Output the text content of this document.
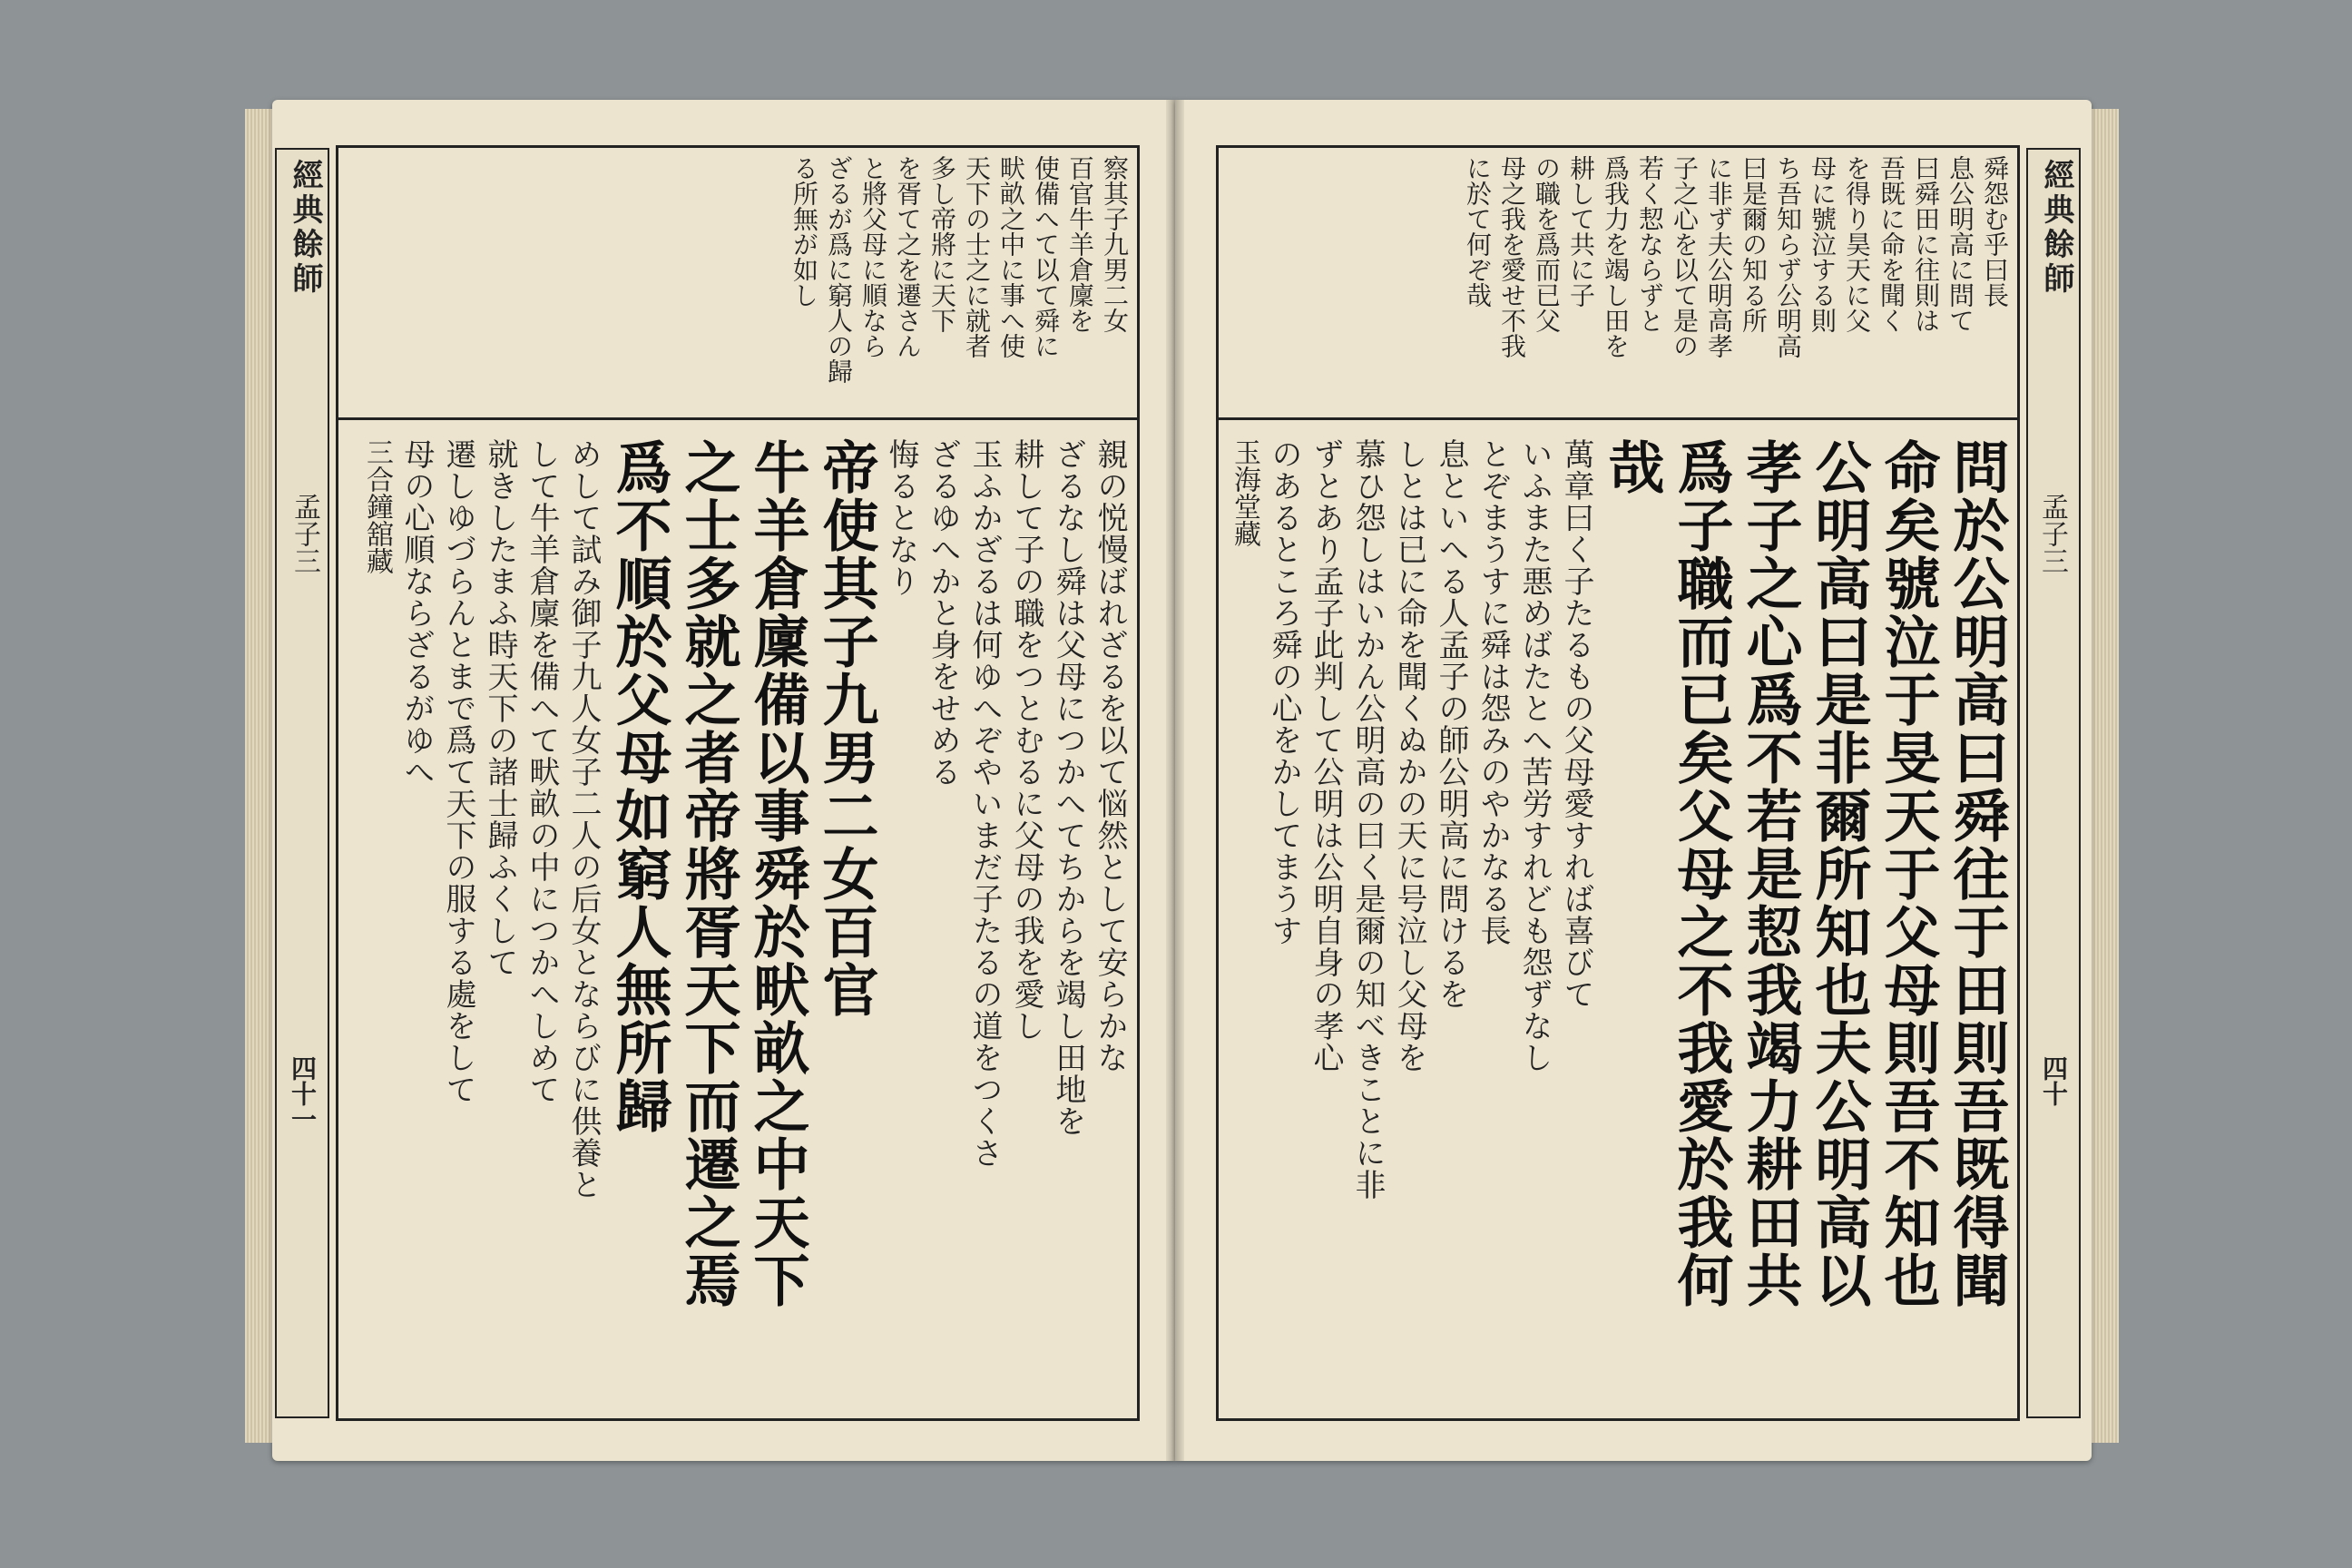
經典餘師
孟子三
四十一
察其子九男二女
百官牛羊倉廩を
使備へて以て舜に
畎畝之中に事へ使
天下の士之に就者
多し帝將に天下
を胥て之を遷さん
と將父母に順なら
ざるが爲に窮人の歸
る所無が如し
親の悦慢ばれざるを以て悩然として安らかな
ざるなし舜は父母につかへてちからを竭し田地を
耕して子の職をつとむるに父母の我を愛し
玉ふかざるは何ゆへぞやいまだ子たるの道をつくさ
ざるゆへかと身をせめる
悔るとなり
帝使其子九男二女百官
牛羊倉廩備以事舜於畎畝之中天下
之士多就之者帝將胥天下而遷之焉
爲不順於父母如窮人無所歸
めして試み御子九人女子二人の后女とならびに供養と
して牛羊倉廩を備へて畎畝の中につかへしめて
就きしたまふ時天下の諸士歸ふくして
遷しゆづらんとまで爲て天下の服する處をして
母の心順ならざるがゆへ
三合鐘舘藏
經典餘師
孟子三
四十
舜怨む乎曰長
息公明高に問て
曰舜田に往則は
吾既に命を聞く
を得り昊天に父
母に號泣する則
ち吾知らず公明高
曰是爾の知る所
に非ず夫公明高孝
子之心を以て是の
若く恝ならずと
爲我力を竭し田を
耕して共に子
の職を爲而已父
母之我を愛せ不我
に於て何ぞ哉
問於公明高曰舜往于田則吾既得聞
命矣號泣于旻天于父母則吾不知也
公明高曰是非爾所知也夫公明高以
孝子之心爲不若是恝我竭力耕田共
爲子職而已矣父母之不我愛於我何
哉
萬章曰く子たるもの父母愛すれば喜びて
いふまた悪めばたとへ苦労すれども怨ずなし
とぞまうすに舜は怨みのやかなる長
息といへる人孟子の師公明高に問けるを
しとは已に命を聞くぬかの天に号泣し父母を
慕ひ怨しはいかん公明高の曰く是爾の知べきことに非
ずとあり孟子此判して公明は公明自身の孝心
のあるところ舜の心をかしてまうす
玉海堂藏
